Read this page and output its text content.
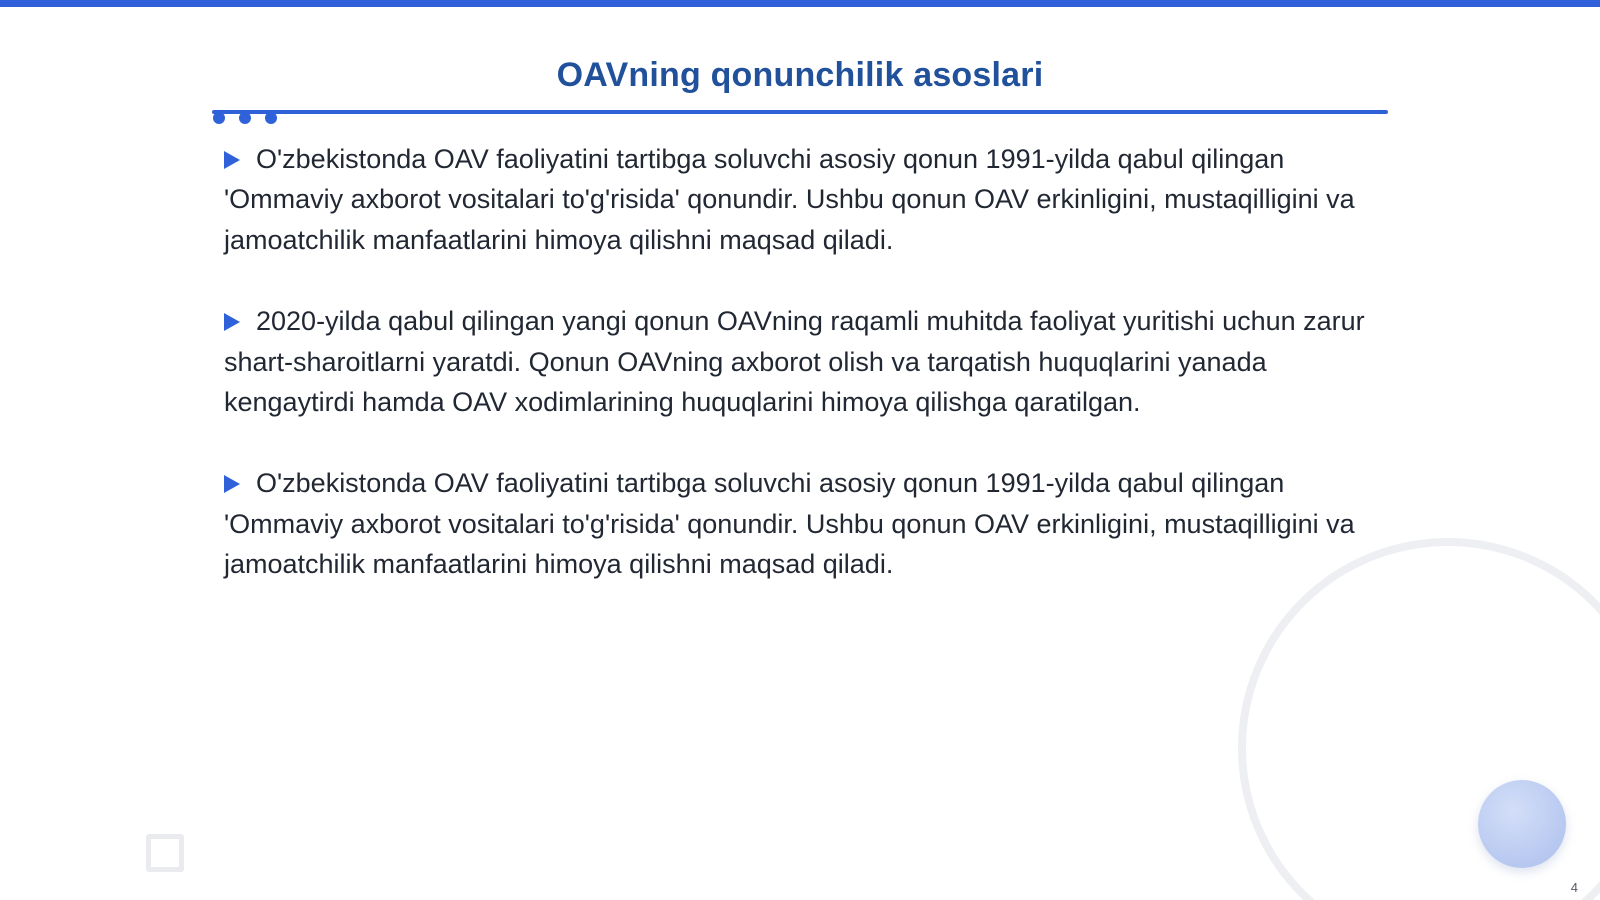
OAVning qonunchilik asoslari

O'zbekistonda OAV faoliyatini tartibga soluvchi asosiy qonun 1991-yilda qabul qilingan 'Ommaviy axborot vositalari to'g'risida' qonundir. Ushbu qonun OAV erkinligini, mustaqilligini va jamoatchilik manfaatlarini himoya qilishni maqsad qiladi.

2020-yilda qabul qilingan yangi qonun OAVning raqamli muhitda faoliyat yuritishi uchun zarur shart-sharoitlarni yaratdi. Qonun OAVning axborot olish va tarqatish huquqlarini yanada kengaytirdi hamda OAV xodimlarining huquqlarini himoya qilishga qaratilgan.

O'zbekistonda OAV faoliyatini tartibga soluvchi asosiy qonun 1991-yilda qabul qilingan 'Ommaviy axborot vositalari to'g'risida' qonundir. Ushbu qonun OAV erkinligini, mustaqilligini va jamoatchilik manfaatlarini himoya qilishni maqsad qiladi.

4
